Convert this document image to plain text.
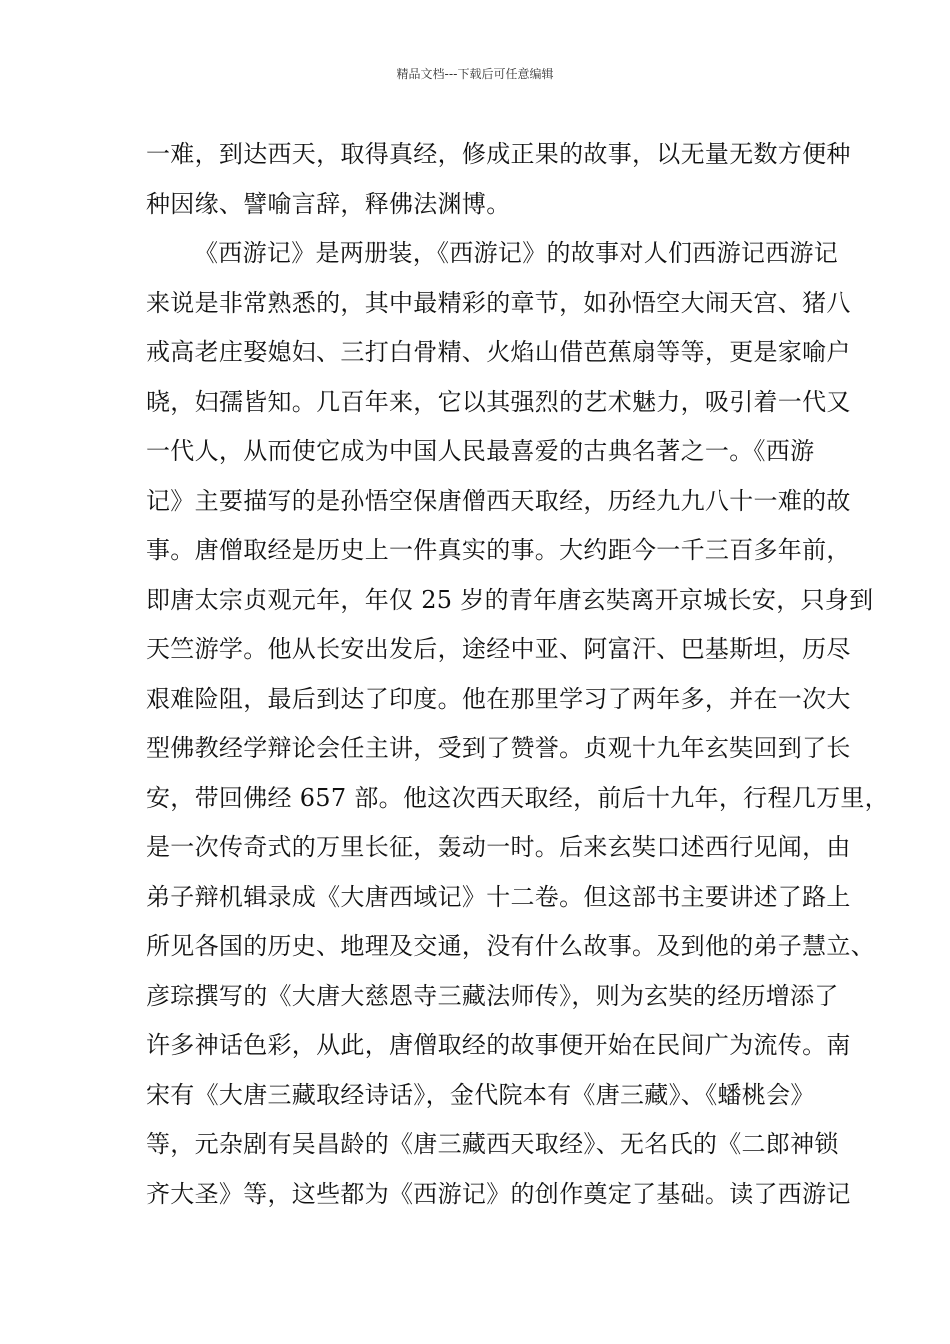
精品文档---下载后可任意编辑
一难，到达西天，取得真经，修成正果的故事，以无量无数方便种
种因缘、譬喻言辞，释佛法渊博。
《西游记》是两册装，《西游记》的故事对人们西游记西游记
来说是非常熟悉的，其中最精彩的章节，如孙悟空大闹天宫、猪八
戒高老庄娶媳妇、三打白骨精、火焰山借芭蕉扇等等，更是家喻户
晓，妇孺皆知。几百年来，它以其强烈的艺术魅力，吸引着一代又
一代人，从而使它成为中国人民最喜爱的古典名著之一。《西游
记》主要描写的是孙悟空保唐僧西天取经，历经九九八十一难的故
事。唐僧取经是历史上一件真实的事。大约距今一千三百多年前，
即唐太宗贞观元年，年仅 25 岁的青年唐玄奘离开京城长安，只身到
天竺游学。他从长安出发后，途经中亚、阿富汗、巴基斯坦，历尽
艰难险阻，最后到达了印度。他在那里学习了两年多，并在一次大
型佛教经学辩论会任主讲，受到了赞誉。贞观十九年玄奘回到了长
安，带回佛经 657 部。他这次西天取经，前后十九年，行程几万里，
是一次传奇式的万里长征，轰动一时。后来玄奘口述西行见闻，由
弟子辩机辑录成《大唐西域记》十二卷。但这部书主要讲述了路上
所见各国的历史、地理及交通，没有什么故事。及到他的弟子慧立、
彦琮撰写的《大唐大慈恩寺三藏法师传》，则为玄奘的经历增添了
许多神话色彩，从此，唐僧取经的故事便开始在民间广为流传。南
宋有《大唐三藏取经诗话》，金代院本有《唐三藏》、《蟠桃会》
等，元杂剧有吴昌龄的《唐三藏西天取经》、无名氏的《二郎神锁
齐大圣》等，这些都为《西游记》的创作奠定了基础。读了西游记
